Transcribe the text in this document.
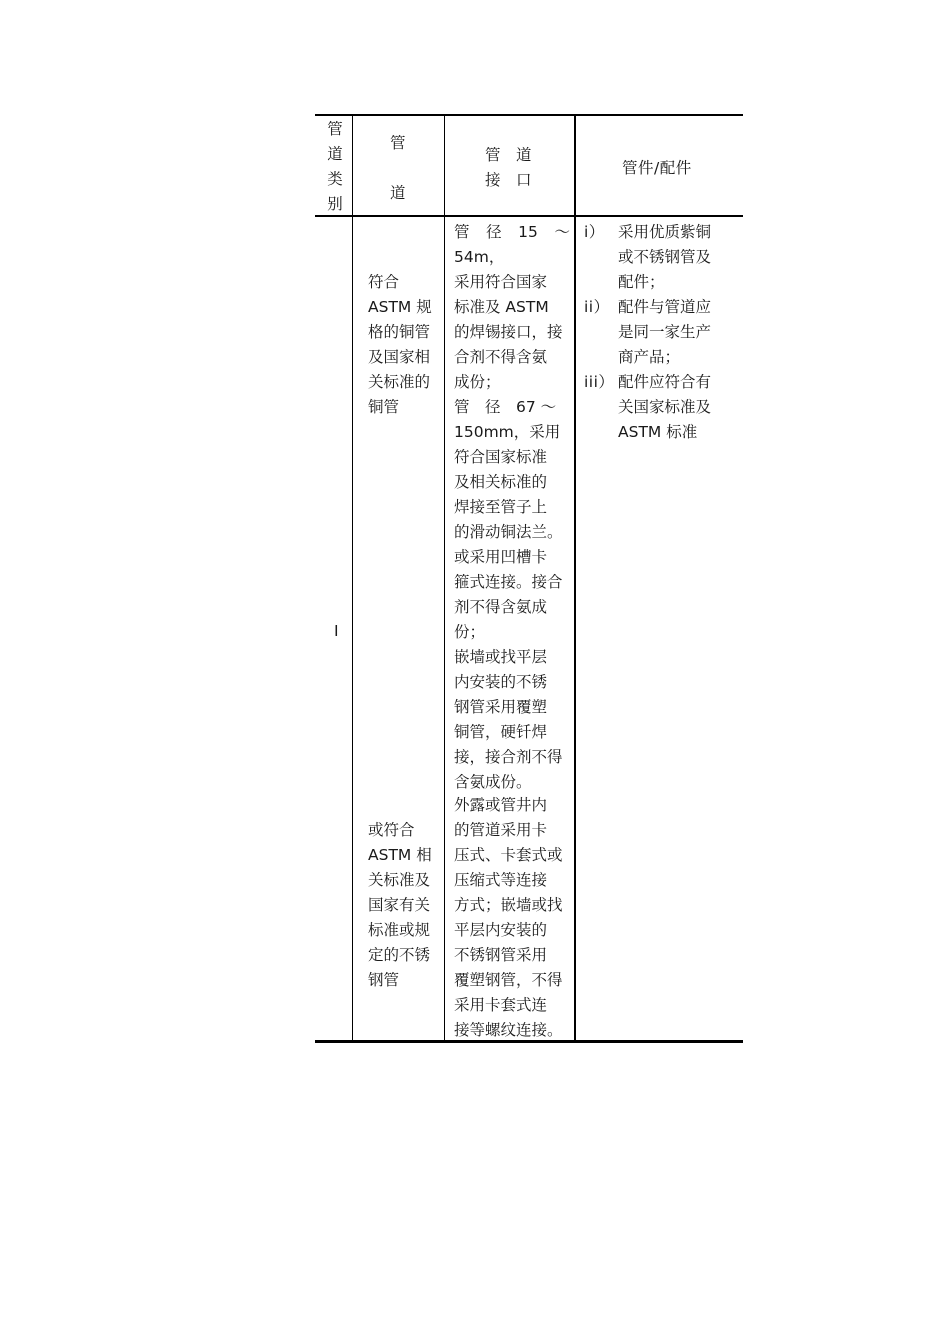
管道类别
管
道
管　道
接　口
管件/配件
I
符合
ASTM 规
格的铜管
及国家相
关标准的
铜管
或符合
ASTM 相
关标准及
国家有关
标准或规
定的不锈
钢管
管径15～54m，
采用符合国家
标准及 ASTM
的焊锡接口，接
合剂不得含氨
成份；
管　径　67 ～
150mm，采用
符合国家标准
及相关标准的
焊接至管子上
的滑动铜法兰。
或采用凹槽卡
箍式连接。接合
剂不得含氨成
份；
嵌墙或找平层
内安装的不锈
钢管采用覆塑
铜管，硬钎焊
接，接合剂不得
含氨成份。
外露或管井内
的管道采用卡
压式、卡套式或
压缩式等连接
方式；嵌墙或找
平层内安装的
不锈钢管采用
覆塑钢管，不得
采用卡套式连
接等螺纹连接。
i） 采用优质紫铜
或不锈钢管及
配件；
ii） 配件与管道应
是同一家生产
商产品；
iii） 配件应符合有
关国家标准及
ASTM 标准
